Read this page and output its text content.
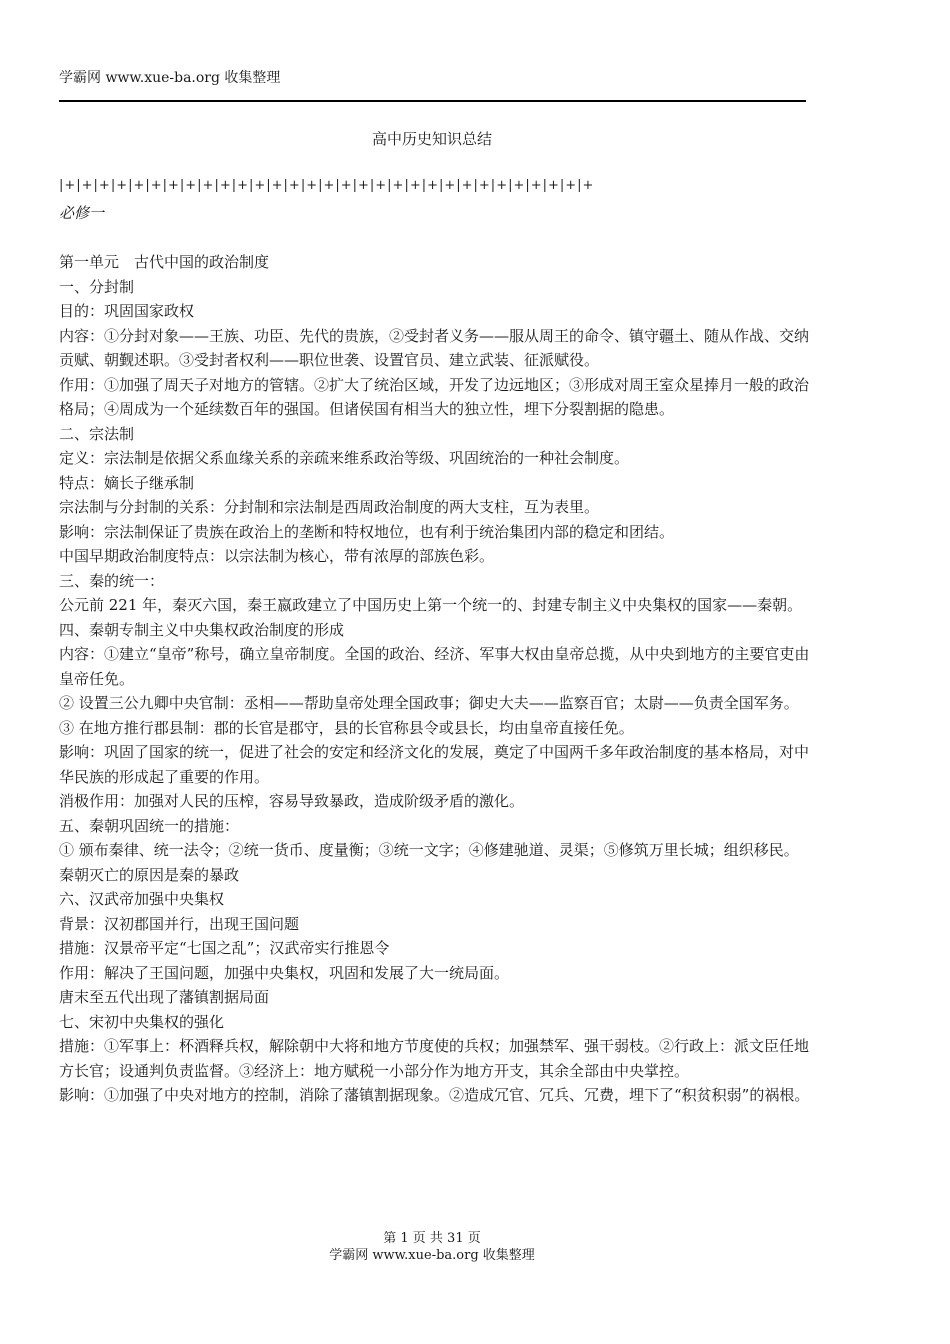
学霸网 www.xue-ba.org 收集整理
高中历史知识总结
|+|+|+|+|+|+|+|+|+|+|+|+|+|+|+|+|+|+|+|+|+|+|+|+|+|+|+|+|+|+|+
必修一

第一单元　古代中国的政治制度

一、分封制

目的：巩固国家政权

内容：①分封对象——王族、功臣、先代的贵族，②受封者义务——服从周王的命令、镇守疆土、随从作战、交纳贡赋、朝觐述职。③受封者权利——职位世袭、设置官员、建立武装、征派赋役。

作用：①加强了周天子对地方的管辖。②扩大了统治区域，开发了边远地区；③形成对周王室众星捧月一般的政治格局；④周成为一个延续数百年的强国。但诸侯国有相当大的独立性，埋下分裂割据的隐患。

二、宗法制

定义：宗法制是依据父系血缘关系的亲疏来维系政治等级、巩固统治的一种社会制度。

特点：嫡长子继承制

宗法制与分封制的关系：分封制和宗法制是西周政治制度的两大支柱，互为表里。

影响：宗法制保证了贵族在政治上的垄断和特权地位，也有利于统治集团内部的稳定和团结。

中国早期政治制度特点：以宗法制为核心，带有浓厚的部族色彩。

三、秦的统一：

公元前 221 年，秦灭六国，秦王嬴政建立了中国历史上第一个统一的、封建专制主义中央集权的国家——秦朝。

四、秦朝专制主义中央集权政治制度的形成

内容：①建立“皇帝”称号，确立皇帝制度。全国的政治、经济、军事大权由皇帝总揽，从中央到地方的主要官吏由皇帝任免。

② 设置三公九卿中央官制：丞相——帮助皇帝处理全国政事；御史大夫——监察百官；太尉——负责全国军务。

③ 在地方推行郡县制：郡的长官是郡守，县的长官称县令或县长，均由皇帝直接任免。

影响：巩固了国家的统一，促进了社会的安定和经济文化的发展，奠定了中国两千多年政治制度的基本格局，对中华民族的形成起了重要的作用。

消极作用：加强对人民的压榨，容易导致暴政，造成阶级矛盾的激化。

五、秦朝巩固统一的措施：

① 颁布秦律、统一法令；②统一货币、度量衡；③统一文字；④修建驰道、灵渠；⑤修筑万里长城；组织移民。

秦朝灭亡的原因是秦的暴政

六、汉武帝加强中央集权

背景：汉初郡国并行，出现王国问题

措施：汉景帝平定“七国之乱”；汉武帝实行推恩令

作用：解决了王国问题，加强中央集权，巩固和发展了大一统局面。

唐末至五代出现了藩镇割据局面

七、宋初中央集权的强化

措施：①军事上：杯酒释兵权，解除朝中大将和地方节度使的兵权；加强禁军、强干弱枝。②行政上：派文臣任地方长官；设通判负责监督。③经济上：地方赋税一小部分作为地方开支，其余全部由中央掌控。

影响：①加强了中央对地方的控制，消除了藩镇割据现象。②造成冗官、冗兵、冗费，埋下了“积贫积弱”的祸根。

第 1 页 共 31 页
学霸网 www.xue-ba.org 收集整理
